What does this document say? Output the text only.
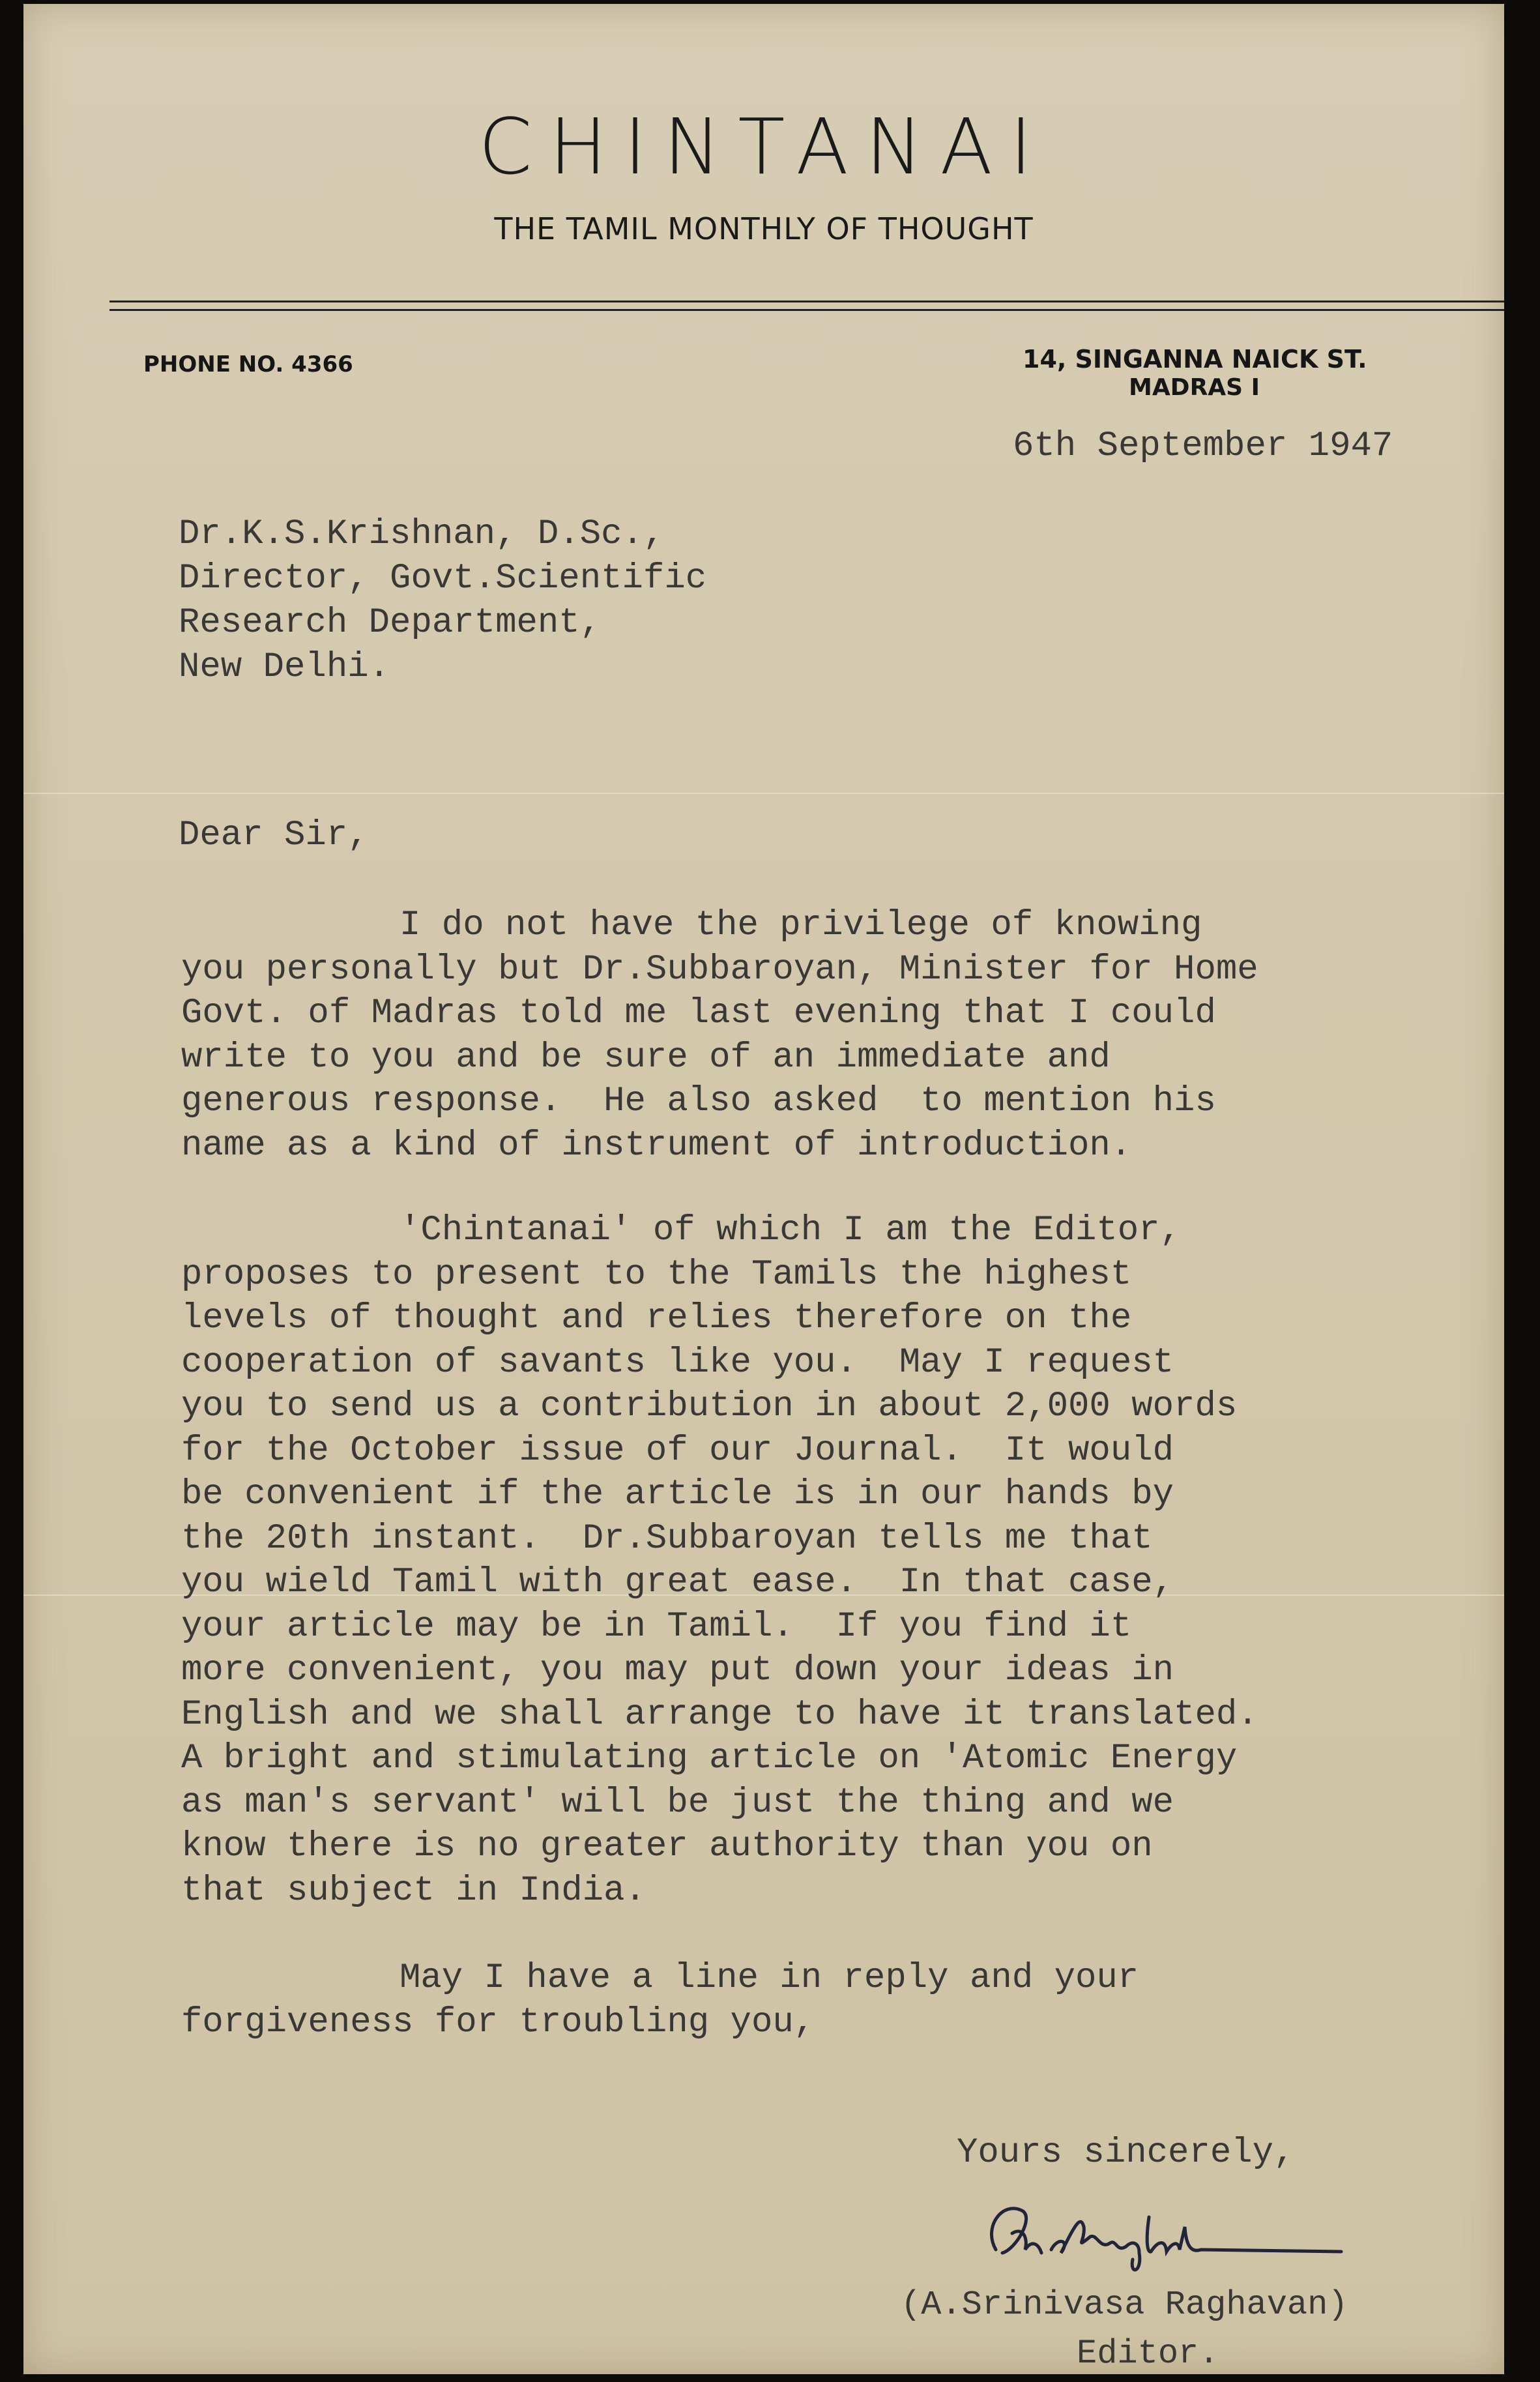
CHINTANAI
THE TAMIL MONTHLY OF THOUGHT
PHONE NO. 4366	14, SINGANNA NAICK ST.
MADRAS I
6th September 1947
Dr.K.S.Krishnan, D.Sc.,
Director, Govt.Scientific
Research Department,
New Delhi.
Dear Sir,
I do not have the privilege of knowing
you personally but Dr.Subbaroyan, Minister for Home
Govt. of Madras told me last evening that I could
write to you and be sure of an immediate and
generous response.  He also asked  to mention his
name as a kind of instrument of introduction.
'Chintanai' of which I am the Editor,
proposes to present to the Tamils the highest
levels of thought and relies therefore on the
cooperation of savants like you.  May I request
you to send us a contribution in about 2,000 words
for the October issue of our Journal.  It would
be convenient if the article is in our hands by
the 20th instant.  Dr.Subbaroyan tells me that
you wield Tamil with great ease.  In that case,
your article may be in Tamil.  If you find it
more convenient, you may put down your ideas in
English and we shall arrange to have it translated.
A bright and stimulating article on 'Atomic Energy
as man's servant' will be just the thing and we
know there is no greater authority than you on
that subject in India.
May I have a line in reply and your
forgiveness for troubling you,
Yours sincerely,
(A.Srinivasa Raghavan)
Editor.
